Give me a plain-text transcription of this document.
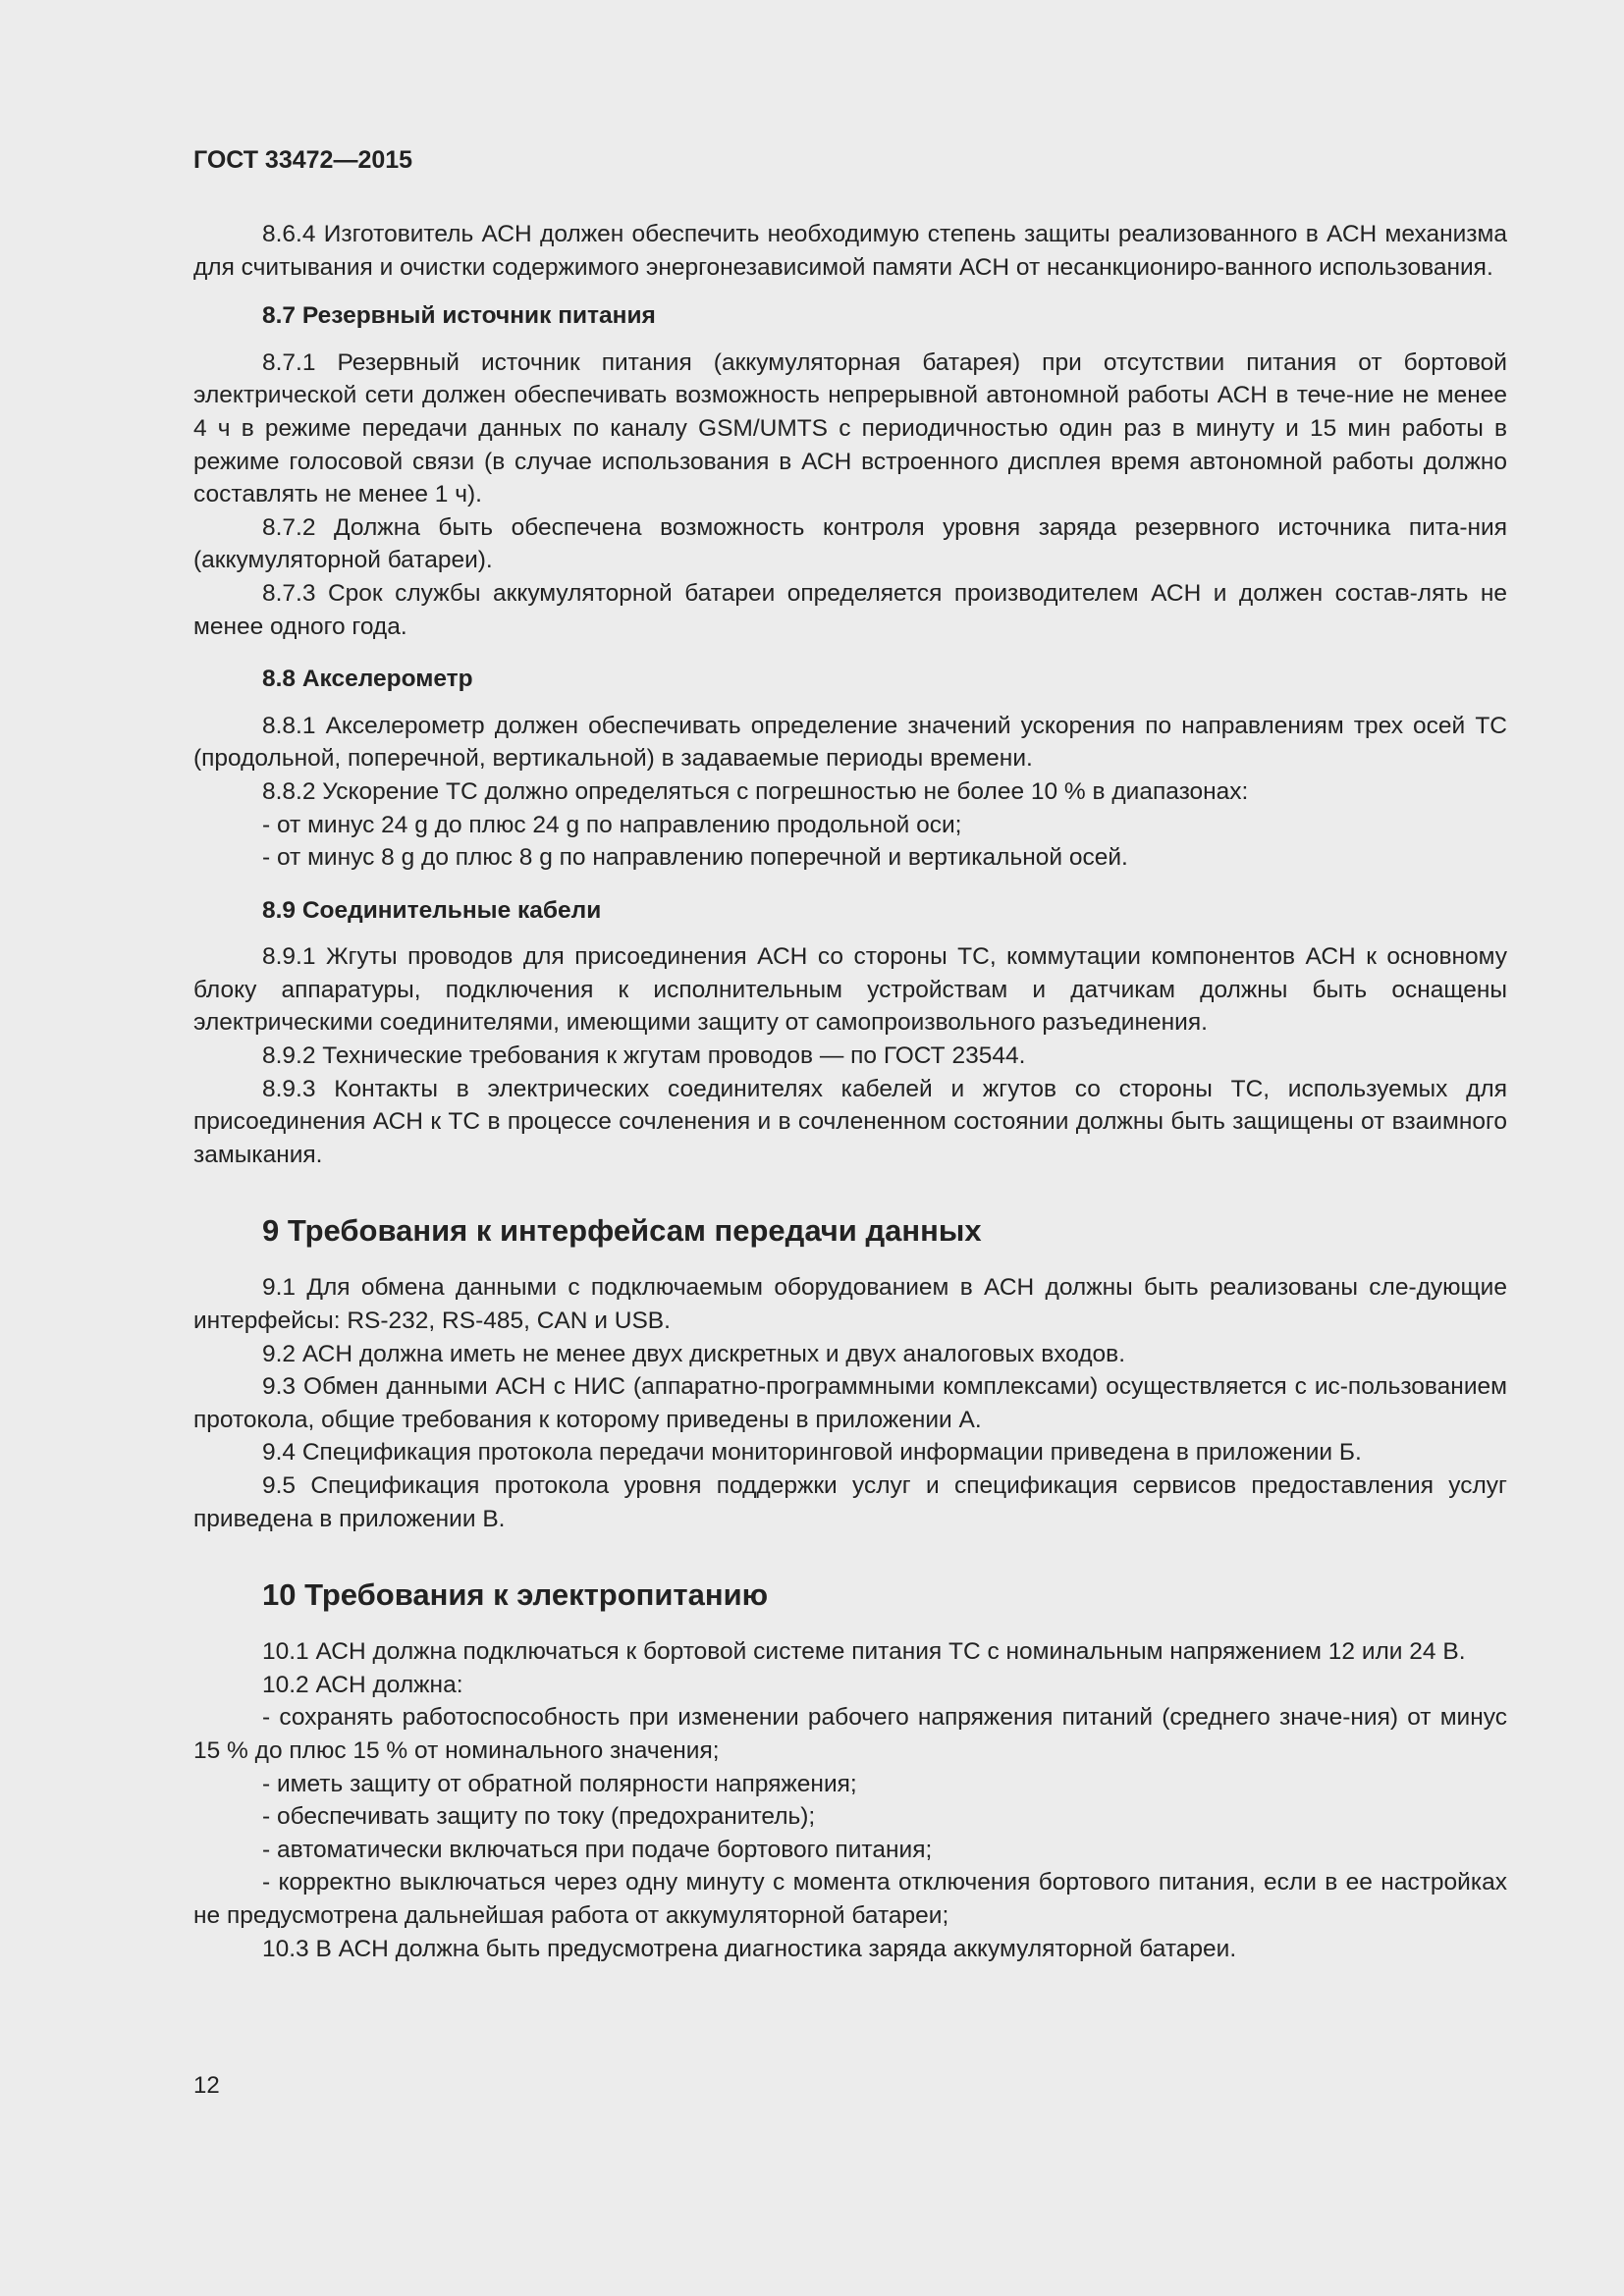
ГОСТ 33472—2015

8.6.4 Изготовитель АСН должен обеспечить необходимую степень защиты реализованного в АСН механизма для считывания и очистки содержимого энергонезависимой памяти АСН от несанкциониро-ванного использования.

8.7 Резервный источник питания

8.7.1 Резервный источник питания (аккумуляторная батарея) при отсутствии питания от бортовой электрической сети должен обеспечивать возможность непрерывной автономной работы АСН в тече-ние не менее 4 ч в режиме передачи данных по каналу GSM/UMTS с периодичностью один раз в минуту и 15 мин работы в режиме голосовой связи (в случае использования в АСН встроенного дисплея время автономной работы должно составлять не менее 1 ч).

8.7.2 Должна быть обеспечена возможность контроля уровня заряда резервного источника пита-ния (аккумуляторной батареи).

8.7.3 Срок службы аккумуляторной батареи определяется производителем АСН и должен состав-лять не менее одного года.

8.8 Акселерометр

8.8.1 Акселерометр должен обеспечивать определение значений ускорения по направлениям трех осей ТС (продольной, поперечной, вертикальной) в задаваемые периоды времени.

8.8.2 Ускорение ТС должно определяться с погрешностью не более 10 % в диапазонах:

- от минус 24 g до плюс 24 g по направлению продольной оси;

- от минус 8 g до плюс 8 g по направлению поперечной и вертикальной осей.

8.9 Соединительные кабели

8.9.1 Жгуты проводов для присоединения АСН со стороны ТС, коммутации компонентов АСН к основному блоку аппаратуры, подключения к исполнительным устройствам и датчикам должны быть оснащены электрическими соединителями, имеющими защиту от самопроизвольного разъединения.

8.9.2 Технические требования к жгутам проводов — по ГОСТ 23544.

8.9.3 Контакты в электрических соединителях кабелей и жгутов со стороны ТС, используемых для присоединения АСН к ТС в процессе сочленения и в сочлененном состоянии должны быть защищены от взаимного замыкания.

9 Требования к интерфейсам передачи данных

9.1 Для обмена данными с подключаемым оборудованием в АСН должны быть реализованы сле-дующие интерфейсы: RS-232, RS-485, CAN и USB.

9.2 АСН должна иметь не менее двух дискретных и двух аналоговых входов.

9.3 Обмен данными АСН с НИС (аппаратно-программными комплексами) осуществляется с ис-пользованием протокола, общие требования к которому приведены в приложении А.

9.4 Спецификация протокола передачи мониторинговой информации приведена в приложении Б.

9.5 Спецификация протокола уровня поддержки услуг и спецификация сервисов предоставления услуг приведена в приложении В.

10 Требования к электропитанию

10.1 АСН должна подключаться к бортовой системе питания ТС с номинальным напряжением 12 или 24 В.

10.2 АСН должна:

- сохранять работоспособность при изменении рабочего напряжения питаний (среднего значе-ния) от минус 15 % до плюс 15 % от номинального значения;

- иметь защиту от обратной полярности напряжения;

- обеспечивать защиту по току (предохранитель);

- автоматически включаться при подаче бортового питания;

- корректно выключаться через одну минуту с момента отключения бортового питания, если в ее настройках не предусмотрена дальнейшая работа от аккумуляторной батареи;

10.3 В АСН должна быть предусмотрена диагностика заряда аккумуляторной батареи.

12
